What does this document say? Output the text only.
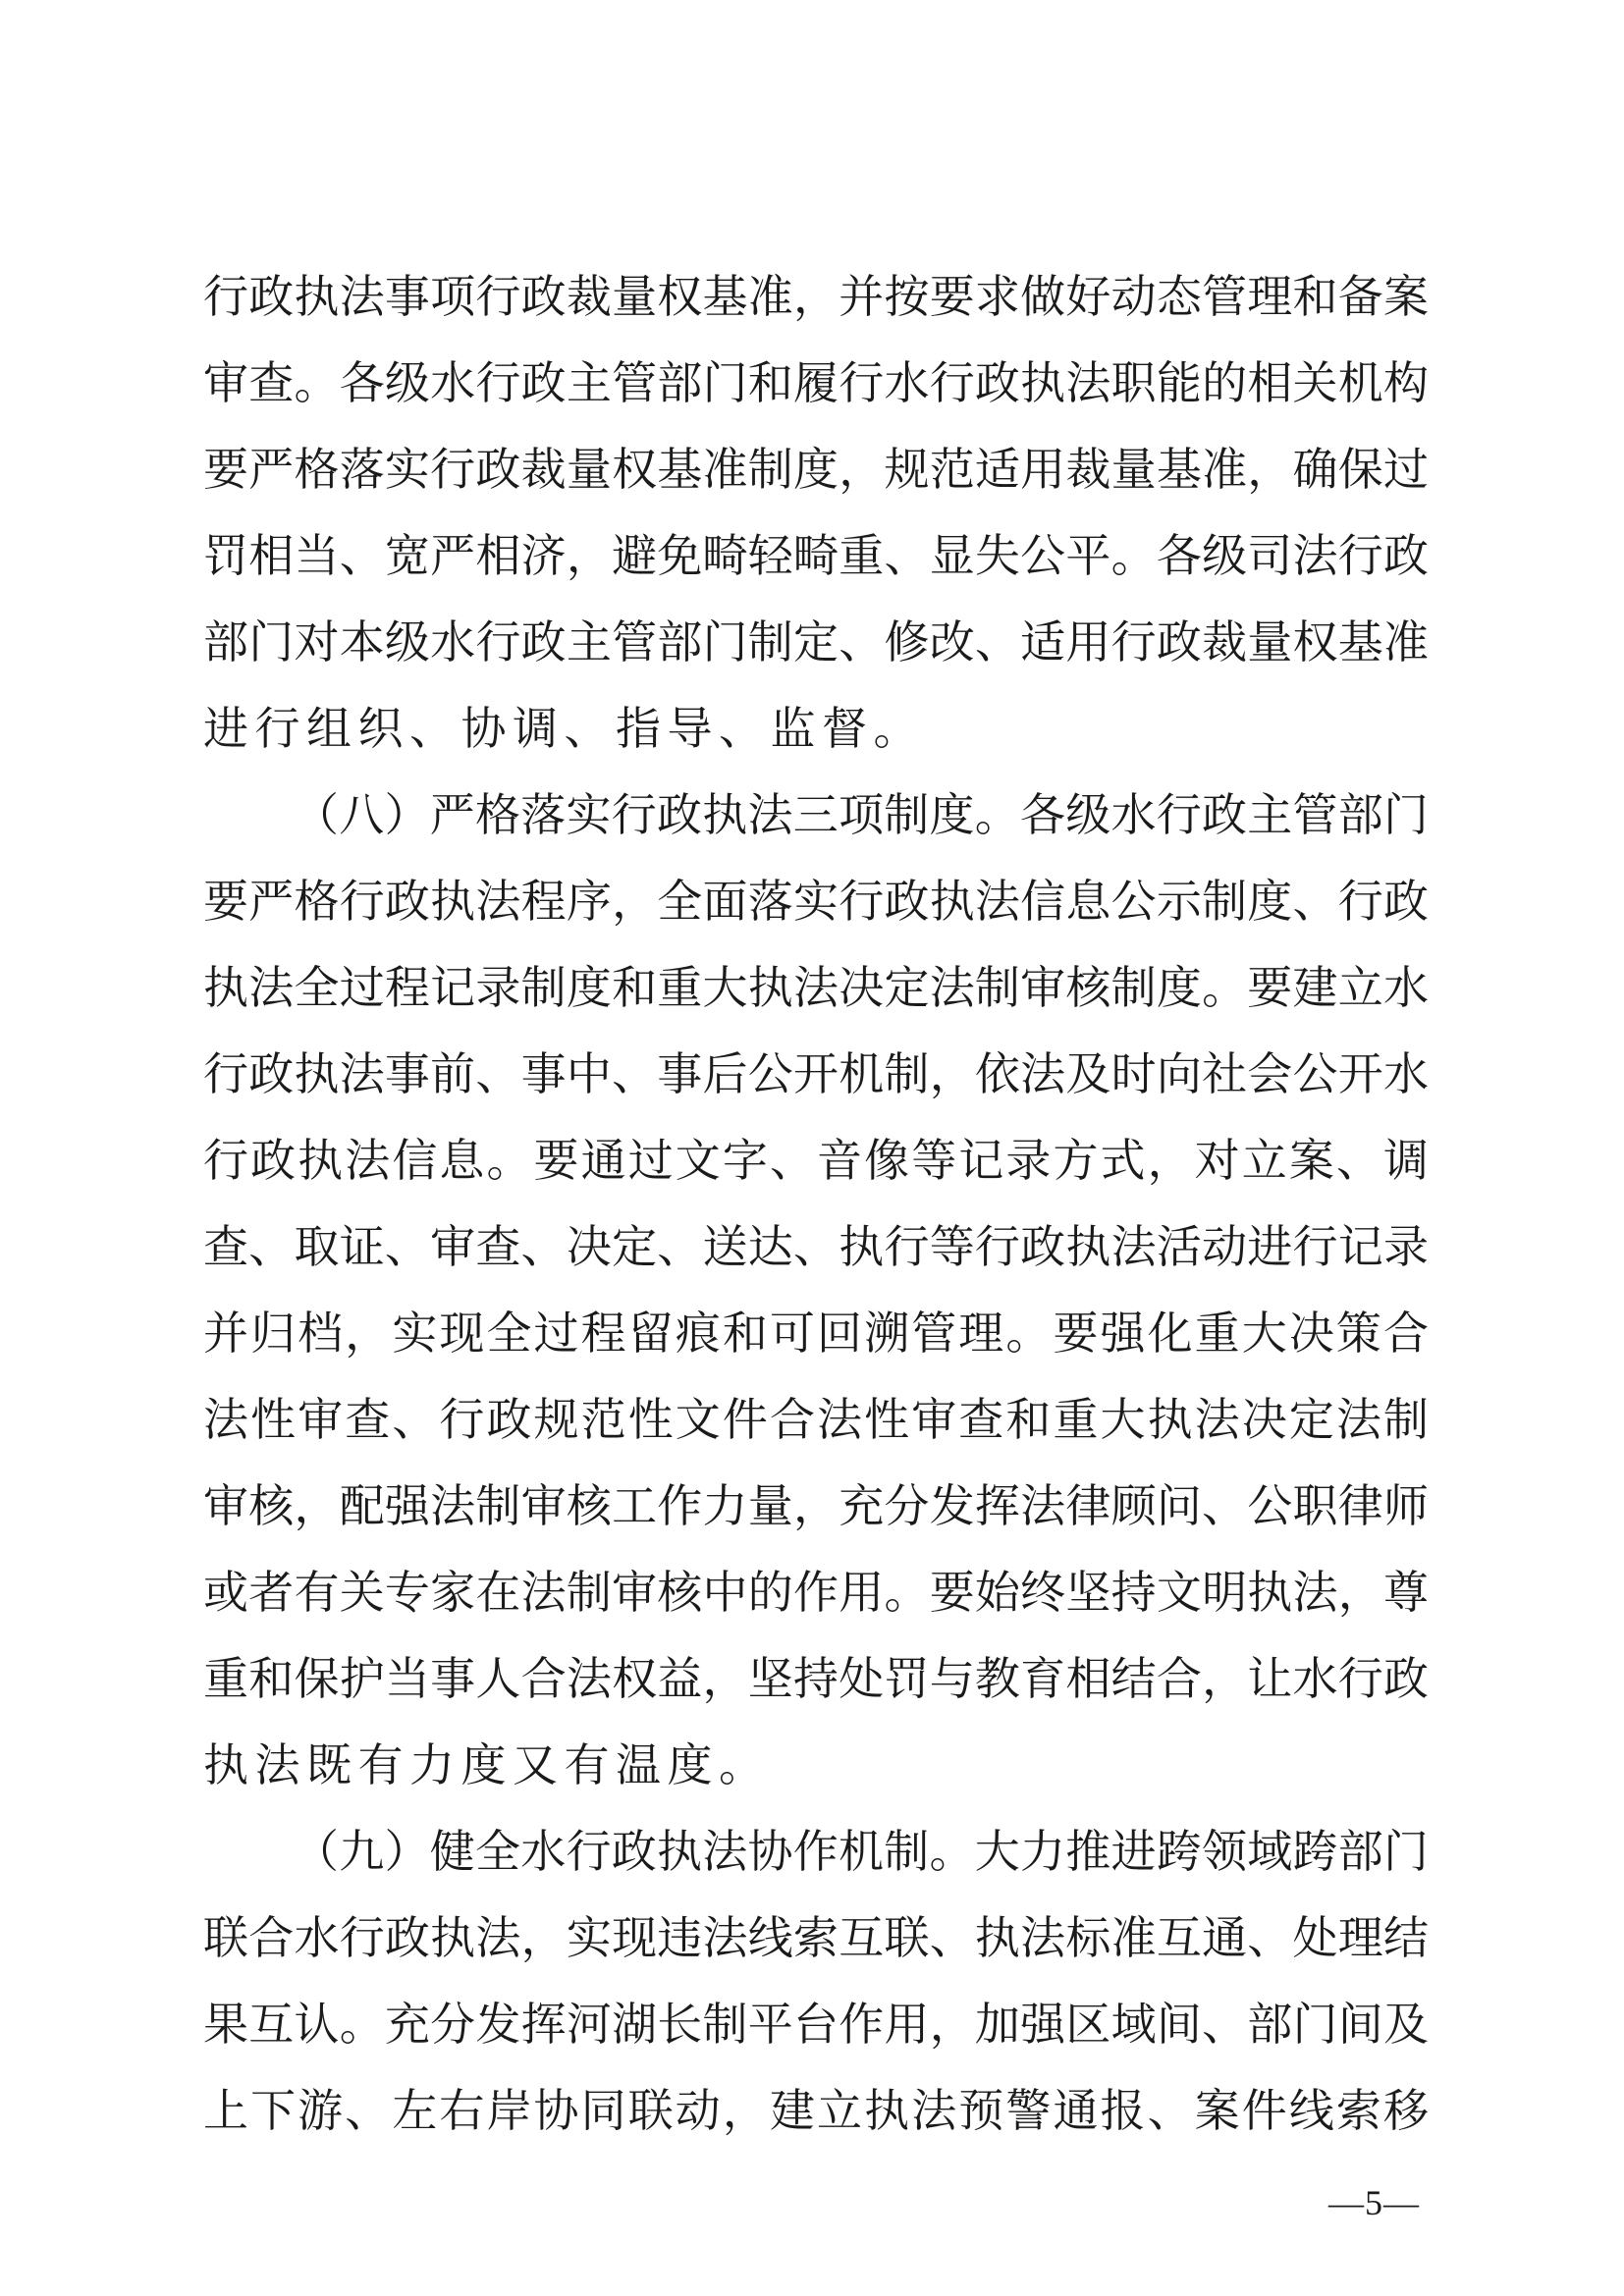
行政执法事项行政裁量权基准，并按要求做好动态管理和备案
审查。各级水行政主管部门和履行水行政执法职能的相关机构
要严格落实行政裁量权基准制度，规范适用裁量基准，确保过
罚相当、宽严相济，避免畸轻畸重、显失公平。各级司法行政
部门对本级水行政主管部门制定、修改、适用行政裁量权基准
进行组织、协调、指导、监督。
（八）严格落实行政执法三项制度。各级水行政主管部门
要严格行政执法程序，全面落实行政执法信息公示制度、行政
执法全过程记录制度和重大执法决定法制审核制度。要建立水
行政执法事前、事中、事后公开机制，依法及时向社会公开水
行政执法信息。要通过文字、音像等记录方式，对立案、调
查、取证、审查、决定、送达、执行等行政执法活动进行记录
并归档，实现全过程留痕和可回溯管理。要强化重大决策合
法性审查、行政规范性文件合法性审查和重大执法决定法制
审核，配强法制审核工作力量，充分发挥法律顾问、公职律师
或者有关专家在法制审核中的作用。要始终坚持文明执法，尊
重和保护当事人合法权益，坚持处罚与教育相结合，让水行政
执法既有力度又有温度。
（九）健全水行政执法协作机制。大力推进跨领域跨部门
联合水行政执法，实现违法线索互联、执法标准互通、处理结
果互认。充分发挥河湖长制平台作用，加强区域间、部门间及
上下游、左右岸协同联动，建立执法预警通报、案件线索移
—5—
